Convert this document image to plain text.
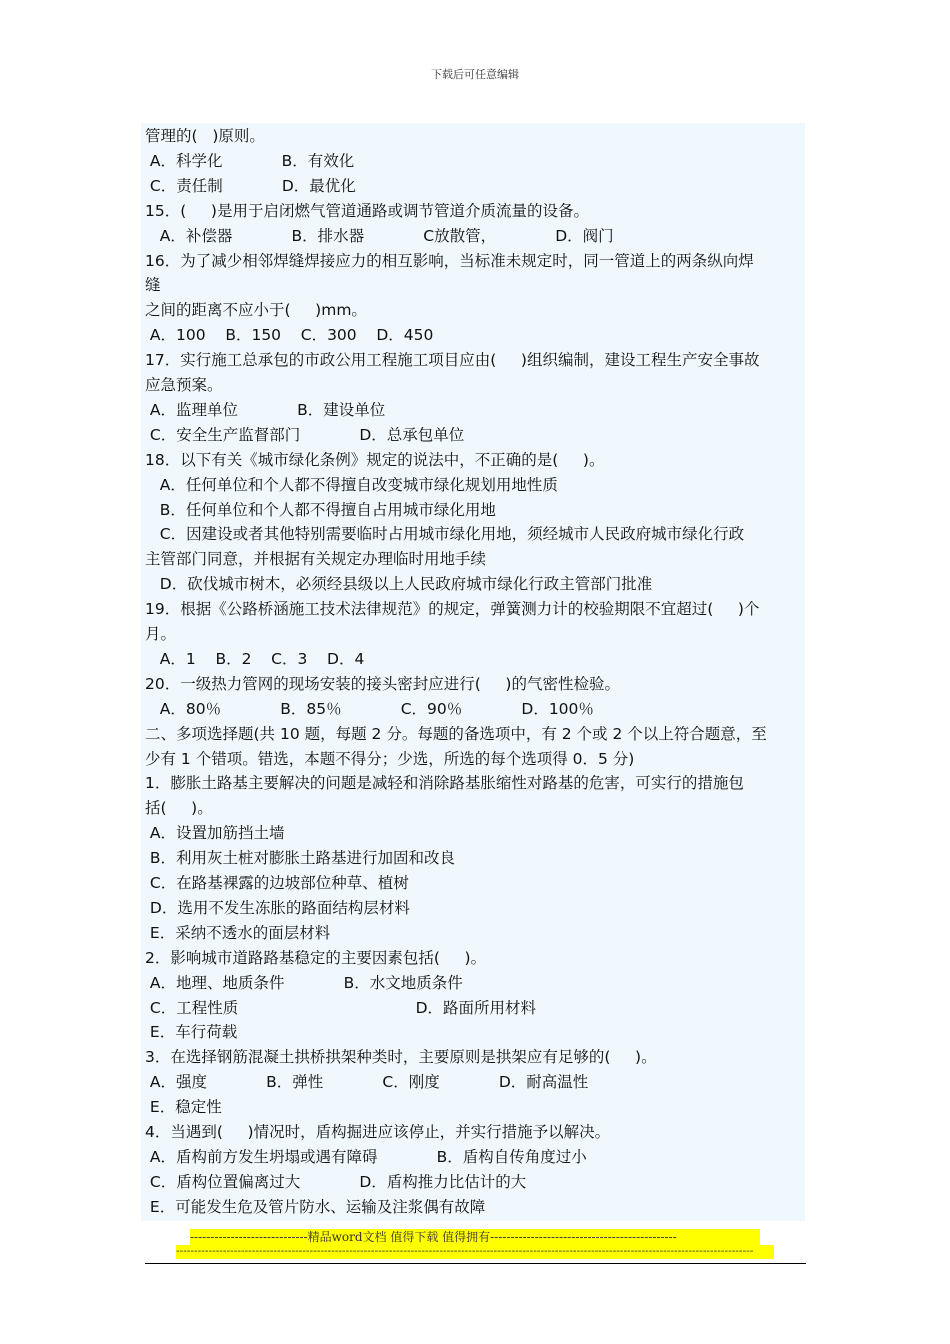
下载后可任意编辑
管理的(   )原则。
A．科学化            B．有效化
C．责任制            D．最优化
15．(     )是用于启闭燃气管道通路或调节管道介质流量的设备。
A．补偿器            B．排水器            C放散管，            D．阀门
16．为了减少相邻焊缝焊接应力的相互影响，当标准未规定时，同一管道上的两条纵向焊
缝
之间的距离不应小于(     )mm。
A．100    B．150    C．300    D．450
17．实行施工总承包的市政公用工程施工项目应由(     )组织编制，建设工程生产安全事故
应急预案。
A．监理单位            B．建设单位
C．安全生产监督部门            D．总承包单位
18．以下有关《城市绿化条例》规定的说法中，不正确的是(     )。
A．任何单位和个人都不得擅自改变城市绿化规划用地性质
B．任何单位和个人都不得擅自占用城市绿化用地
C．因建设或者其他特别需要临时占用城市绿化用地，须经城市人民政府城市绿化行政
主管部门同意，并根据有关规定办理临时用地手续
D．砍伐城市树木，必须经县级以上人民政府城市绿化行政主管部门批准
19．根据《公路桥涵施工技术法律规范》的规定，弹簧测力计的校验期限不宜超过(     )个
月。
A．1    B．2    C．3    D．4
20．一级热力管网的现场安装的接头密封应进行(     )的气密性检验。
A．80％            B．85％            C．90％            D．100％
二、多项选择题(共 10 题，每题 2 分。每题的备选项中，有 2 个或 2 个以上符合题意，至
少有 1 个错项。错选，本题不得分；少选，所选的每个选项得 0．5 分)
1．膨胀土路基主要解决的问题是减轻和消除路基胀缩性对路基的危害，可实行的措施包
括(     )。
A．设置加筋挡土墙
B．利用灰土桩对膨胀土路基进行加固和改良
C．在路基裸露的边坡部位种草、植树
D．选用不发生冻胀的路面结构层材料
E．采纳不透水的面层材料
2．影响城市道路路基稳定的主要因素包括(     )。
A．地理、地质条件            B．水文地质条件
C．工程性质                                    D．路面所用材料
E．车行荷载
3．在选择钢筋混凝土拱桥拱架种类时，主要原则是拱架应有足够的(     )。
A．强度            B．弹性            C．刚度            D．耐高温性
E．稳定性
4．当遇到(     )情况时，盾构掘进应该停止，并实行措施予以解决。
A．盾构前方发生坍塌或遇有障碍            B．盾构自传角度过小
C．盾构位置偏离过大            D．盾构推力比估计的大
E．可能发生危及管片防水、运输及注浆偶有故障
-----------------------------精品word文档 值得下载 值得拥有----------------------------------------------
----------------------------------------------------------------------------------------------------------------------------------------------------------------
